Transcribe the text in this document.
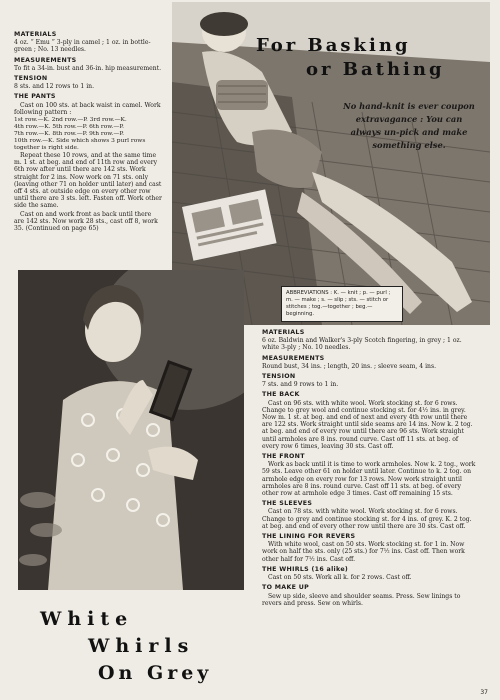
MATERIALS

4 oz. “ Emu ” 3-ply in camel ; 1 oz. in bottle-green ; No. 13 needles.

MEASUREMENTS

To fit a 34-in. bust and 36-in. hip measurement.

TENSION

8 sts. and 12 rows to 1 in.

THE PANTS

Cast on 100 sts. at back waist in camel. Work following pattern :

1st row.—K. 2nd row.—P. 3rd row.—K.
4th row.—K. 5th row.—P. 6th row.—P.
7th row.—K. 8th row.—P. 9th row.—P.
10th row.—K. Side which shows 3 purl rows together is right side.

Repeat these 10 rows, and at the same time m. 1 st. at beg. and end of 11th row and every 6th row after until there are 142 sts. Work straight for 2 ins. Now work on 71 sts. only (leaving other 71 on holder until later) and cast off 4 sts. at outside edge on every other row until there are 3 sts. left. Fasten off. Work other side the same.

Cast on and work front as back until there are 142 sts. Now work 28 sts., cast off 8, work 35. (Continued on page 65)

For Basking
or Bathing
No hand-knit is ever coupon extravagance : You can always un-pick and make something else.
ABBREVIATIONS : K. — knit ; p. — purl ; m. — make ; s. — slip ; sts. — stitch or stitches ; tog.—together ; beg.—beginning.
White
Whirls
On Grey
MATERIALS

6 oz. Baldwin and Walker's 3-ply Scotch fingering, in grey ; 1 oz. white 3-ply ; No. 10 needles.

MEASUREMENTS

Round bust, 34 ins. ; length, 20 ins. ; sleeve seam, 4 ins.

TENSION

7 sts. and 9 rows to 1 in.

THE BACK

Cast on 96 sts. with white wool. Work stocking st. for 6 rows. Change to grey wool and continue stocking st. for 4½ ins. in grey. Now m. 1 st. at beg. and end of next and every 4th row until there are 122 sts. Work straight until side seams are 14 ins. Now k. 2 tog. at beg. and end of every row until there are 96 sts. Work straight until armholes are 8 ins. round curve. Cast off 11 sts. at beg. of every row 6 times, leaving 30 sts. Cast off.

THE FRONT

Work as back until it is time to work armholes. Now k. 2 tog., work 59 sts. Leave other 61 on holder until later. Continue to k. 2 tog. on armhole edge on every row for 13 rows. Now work straight until armholes are 8 ins. round curve. Cast off 11 sts. at beg. of every other row at armhole edge 3 times. Cast off remaining 15 sts.

THE SLEEVES

Cast on 78 sts. with white wool. Work stocking st. for 6 rows. Change to grey and continue stocking st. for 4 ins. of grey. K. 2 tog. at beg. and end of every other row until there are 30 sts. Cast off.

THE LINING FOR REVERS

With white wool, cast on 50 sts. Work stocking st. for 1 in. Now work on half the sts. only (25 sts.) for 7½ ins. Cast off. Then work other half for 7½ ins. Cast off.

THE WHIRLS (16 alike)

Cast on 50 sts. Work all k. for 2 rows. Cast off.

TO MAKE UP

Sew up side, sleeve and shoulder seams. Press. Sew linings to revers and press. Sew on whirls.

37
